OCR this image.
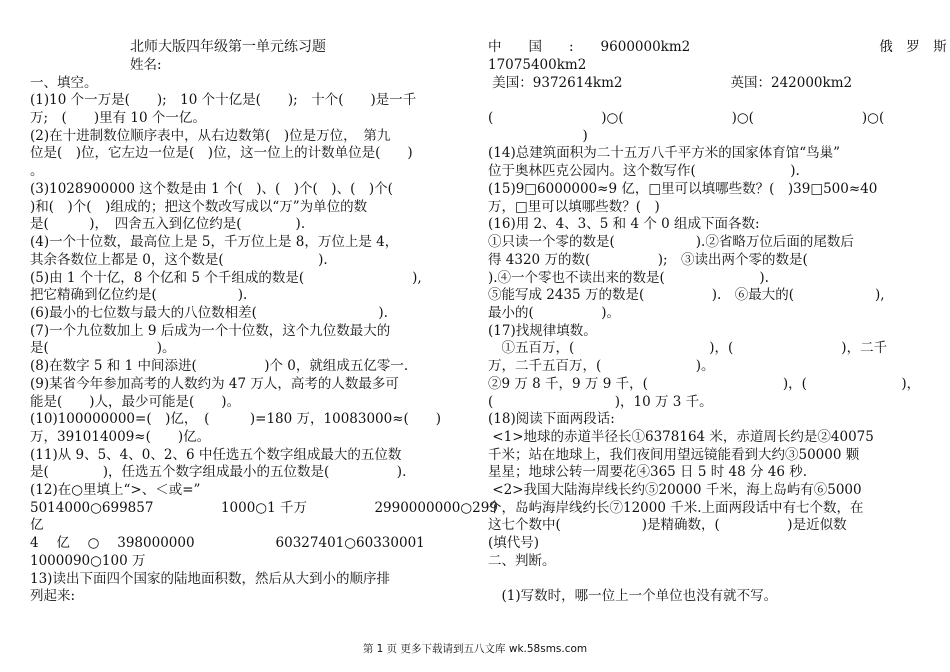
北师大版四年级第一单元练习题
姓名:
一、填空。
(1)10 个一万是(　　);　10 个十亿是(　　);　十个(　　)是一千
万;　(　　)里有 10 个一亿。
(2)在十进制数位顺序表中，从右边数第(　)位是万位，　第九
位是(　)位，它左边一位是(　)位，这一位上的计数单位是(　　)
。
(3)1028900000 这个数是由 1 个(　)、(　)个(　)、(　)个(　
)和(　)个(　)组成的；把这个数改写成以“万”为单位的数
是(　　　)，　四舍五入到亿位约是(　　　　).
(4)一个十位数，最高位上是 5，千万位上是 8，万位上是 4，
其余各数位上都是 0，这个数是(　　　　　　　).
(5)由 1 个十亿，8 个亿和 5 个千组成的数是(　　　　　　　　),
把它精确到亿位约是(　　　　　　).
(6)最小的七位数与最大的八位数相差(　　　　　　　　　).
(7)一个九位数加上 9 后成为一个十位数，这个九位数最大的
是(　　　　　　　　)。
(8)在数字 5 和 1 中间添进(　　　　　)个 0，就组成五亿零一.
(9)某省今年参加高考的人数约为 47 万人，高考的人数最多可
能是(　　)人，最少可能是(　　)。
(10)100000000=(　)亿，　(　　　)=180 万，10083000≈(　　)
万，391014009≈(　　)亿。
(11)从 9、5、4、0、2、6 中任选五个数字组成最大的五位数
是(　　　　)，任选五个数字组成最小的五位数是(　　　　　).
(12)在○里填上“>、＜或=”
5014000○699857　　　　　1000○1 千万　　　　　2990000000○299
亿
4　 亿　 ○　 398000000　　　　　　60327401○60330001
1000090○100 万
13)读出下面四个国家的陆地面积数，然后从大到小的顺序排
列起来:
中　　国　　:　　9600000km2　　　　　　　　　　　　　　俄　罗　斯
17075400km2
美国：9372614km2　　　　　　　　英国：242000km2
(　　　　　　　　)○(　　　　　　　　)○(　　　　　　　　)○(
　　　　　　　)
(14)总建筑面积为二十五万八千平方米的国家体育馆“鸟巢”
位于奥林匹克公园内。这个数写作(　　　　　　　).
(15)9□6000000≈9 亿，□里可以填哪些数？(　)39□500≈40
万，□里可以填哪些数？(　)
(16)用 2、4、3、5 和 4 个 0 组成下面各数:
①只读一个零的数是(　　　　　　).②省略万位后面的尾数后
得 4320 万的数(　　　　　);　③读出两个零的数是(
).④一个零也不读出来的数是(　　　　　　　).
⑤能写成 2435 万的数是(　　　　　).　⑥最大的(　　　　　　),
最小的(　　　　　)。
(17)找规律填数。
　①五百万，(　　　　　　　　　　)，(　　　　　　　　)，二千
万，二千五百万，(　　　　　　　)。
②9 万 8 千，9 万 9 千，(　　　　　　　　　　)，(　　　　　　　)，
(　　　　　　　　　)，10 万 3 千。
(18)阅读下面两段话:
<1>地球的赤道半径长①6378164 米，赤道周长约是②40075
千米；站在地球上，我们夜间用望远镜能看到大约③50000 颗
星星；地球公转一周要花④365 日 5 时 48 分 46 秒.
<2>我国大陆海岸线长约⑤20000 千米，海上岛屿有⑥5000
个，岛屿海岸线约长⑦12000 千米.上面两段话中有七个数，在
这七个数中(　　　　　　)是精确数，(　　　　　)是近似数
(填代号)
二、判断。
　(1)写数时，哪一位上一个单位也没有就不写。
第 1 页 更多下载请到五八文库 wk.58sms.com
